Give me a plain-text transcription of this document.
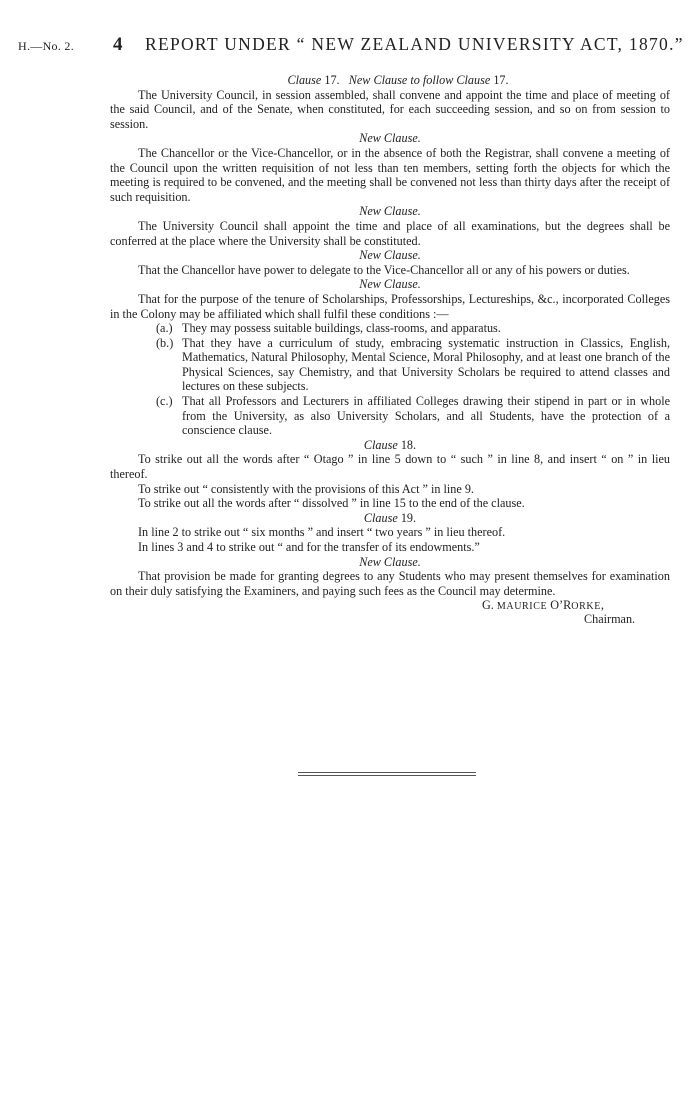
H.—No. 2. 4 REPORT UNDER “ NEW ZEALAND UNIVERSITY ACT, 1870.”

Clause 17. New Clause to follow Clause 17.

The University Council, in session assembled, shall convene and appoint the time and place of meeting of the said Council, and of the Senate, when constituted, for each succeeding session, and so on from session to session.

New Clause.

The Chancellor or the Vice-Chancellor, or in the absence of both the Registrar, shall convene a meeting of the Council upon the written requisition of not less than ten members, setting forth the objects for which the meeting is required to be convened, and the meeting shall be convened not less than thirty days after the receipt of such requisition.

New Clause.

The University Council shall appoint the time and place of all examinations, but the degrees shall be conferred at the place where the University shall be constituted.

New Clause.

That the Chancellor have power to delegate to the Vice-Chancellor all or any of his powers or duties.

New Clause.

That for the purpose of the tenure of Scholarships, Professorships, Lectureships, &c., incorporated Colleges in the Colony may be affiliated which shall fulfil these conditions :—

(a.) They may possess suitable buildings, class-rooms, and apparatus.
(b.) That they have a curriculum of study, embracing systematic instruction in Classics, English, Mathematics, Natural Philosophy, Mental Science, Moral Philosophy, and at least one branch of the Physical Sciences, say Chemistry, and that University Scholars be required to attend classes and lectures on these subjects.
(c.) That all Professors and Lecturers in affiliated Colleges drawing their stipend in part or in whole from the University, as also University Scholars, and all Students, have the protection of a conscience clause.

Clause 18.

To strike out all the words after “ Otago ” in line 5 down to “ such ” in line 8, and insert “ on ” in lieu thereof.

To strike out “ consistently with the provisions of this Act ” in line 9.

To strike out all the words after “ dissolved ” in line 15 to the end of the clause.

Clause 19.

In line 2 to strike out “ six months ” and insert “ two years ” in lieu thereof.

In lines 3 and 4 to strike out “ and for the transfer of its endowments.”

New Clause.

That provision be made for granting degrees to any Students who may present themselves for examination on their duly satisfying the Examiners, and paying such fees as the Council may determine.

G. MAURICE O’RORKE,
Chairman.
